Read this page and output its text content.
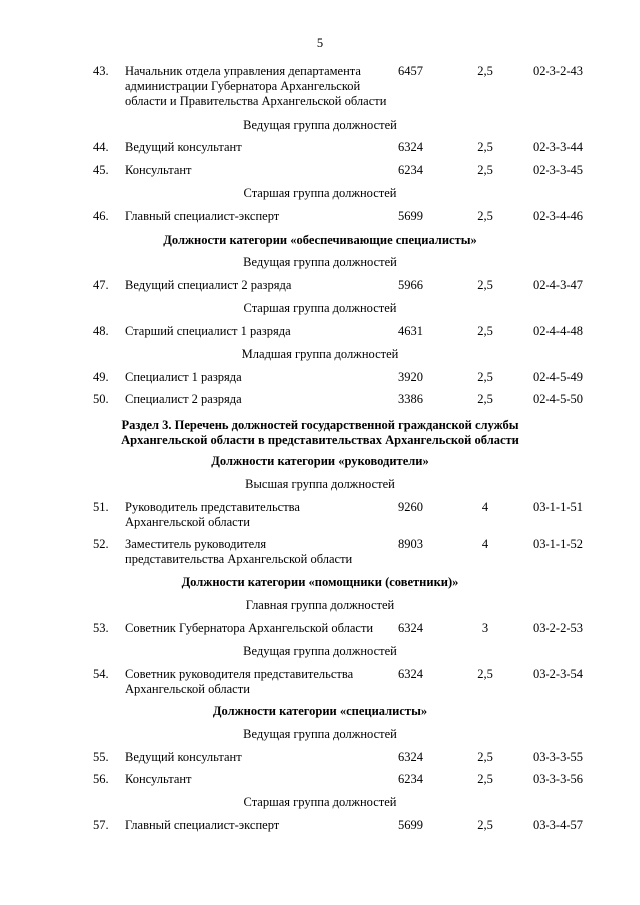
5
43.	Начальник отдела управления департамента
администрации Губернатора Архангельской
области и Правительства Архангельской области
6457	2,5	02-3-2-43
Ведущая группа должностей
44.	Ведущий консультант	6324	2,5	02-3-3-44
45.	Консультант	6234	2,5	02-3-3-45
Старшая группа должностей
46.	Главный специалист-эксперт	5699	2,5	02-3-4-46
Должности категории «обеспечивающие специалисты»
Ведущая группа должностей
47.	Ведущий специалист 2 разряда	5966	2,5	02-4-3-47
Старшая группа должностей
48.	Старший специалист 1 разряда	4631	2,5	02-4-4-48
Младшая группа должностей
49.	Специалист 1 разряда	3920	2,5	02-4-5-49
50.	Специалист 2 разряда	3386	2,5	02-4-5-50
Раздел 3. Перечень должностей государственной гражданской службы
Архангельской области в представительствах Архангельской области
Должности категории «руководители»
Высшая группа должностей
51.	Руководитель представительства
Архангельской области
9260	4	03-1-1-51
52.	Заместитель руководителя
представительства Архангельской области
8903	4	03-1-1-52
Должности категории «помощники (советники)»
Главная группа должностей
53.	Советник Губернатора Архангельской области	6324	3	03-2-2-53
Ведущая группа должностей
54.	Советник руководителя представительства
Архангельской области
6324	2,5	03-2-3-54
Должности категории «специалисты»
Ведущая группа должностей
55.	Ведущий консультант	6324	2,5	03-3-3-55
56.	Консультант	6234	2,5	03-3-3-56
Старшая группа должностей
57.	Главный специалист-эксперт	5699	2,5	03-3-4-57
